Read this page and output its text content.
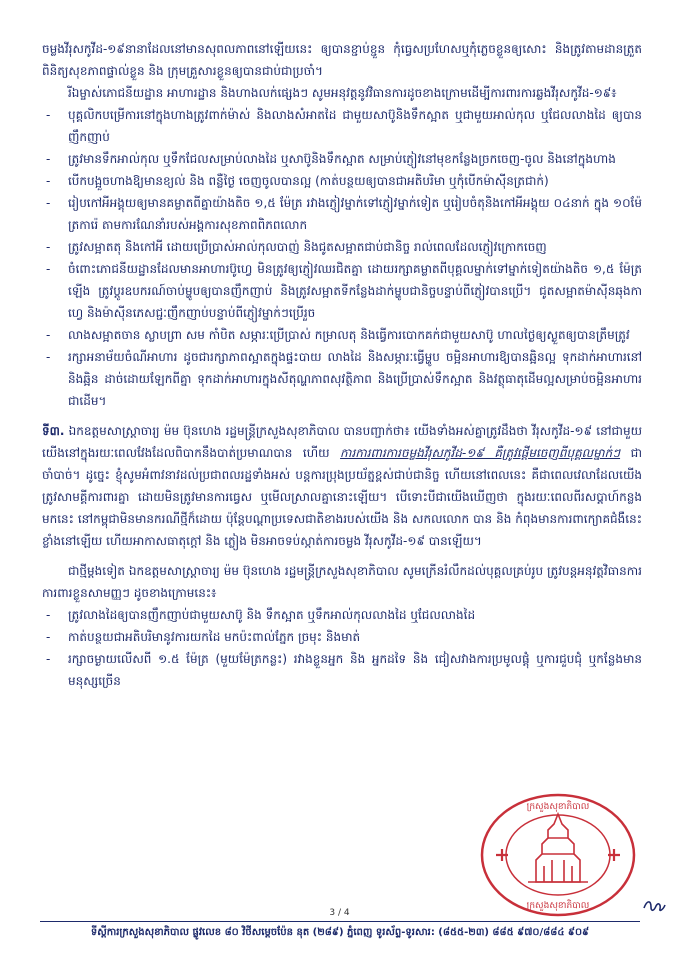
ចម្លងវីរុសកូវីដ-១៩នានាដែលនៅមានសុពលភាពនៅឡើយនេះ ឲ្យបានខ្ជាប់ខ្ជួន កុំធ្វេសប្រហែសឬកុំភ្លេចខ្លួនឲ្យសោះ និងត្រូវតាមដានត្រួតពិនិត្យសុខភាពផ្ទាល់ខ្លួន និង ក្រុមគ្រួសារខ្លួនឲ្យបានជាប់ជាប្រចាំ។

រីឯម្ចាស់ភោជនីយដ្ឋាន អាហារដ្ឋាន និងហាងលក់ផ្សេងៗ សូមអនុវត្តនូវវិធានការដូចខាងក្រោមដើម្បីការពារការឆ្លងវីរុសកូវីដ-១៩៖

- បុគ្គលិកបម្រើការនៅក្នុងហាងត្រូវពាក់ម៉ាស់ និងលាងសំអាតដៃ ជាមួយសាប៊ូនិងទឹកស្អាត ឬជាមួយអាល់កុល ឬជែលលាងដៃ ឲ្យបានញឹកញាប់
- ត្រូវមានទឹកអាល់កុល ឬទឹកជែលសម្រាប់លាងដៃ ឬសាប៊ូនិងទឹកស្អាត សម្រាប់ភ្ញៀវនៅមុខកន្លែងច្រកចេញ-ចូល និងនៅក្នុងហាង
- បើកបង្អួចហាងឱ្យមានខ្យល់ និង ពន្លឺថ្ងៃ ចេញចូលបានល្អ (កាត់បន្ថយឲ្យបានជាអតិបរិមា ឬកុំបើកម៉ាស៊ីនត្រជាក់)
- រៀបកៅអីអង្គុយឲ្យមានគម្លាតពីគ្នាយ៉ាងតិច ១,៥ ម៉ែត្រ រវាងភ្ញៀវម្នាក់ទៅភ្ញៀវម្នាក់ទៀត ឬរៀបចំតុនិងកៅអីអង្គុយ ០៤នាក់ ក្នុង ១០ម៉ែត្រការ៉េ តាមការណែនាំរបស់អង្គការសុខភាពពិភពលោក
- ត្រូវសម្អាតតុ និងកៅអី ដោយប្រើប្រាស់អាល់កុលបាញ់ និងជូតសម្អាតជាប់ជានិច្ច រាល់ពេលដែលភ្ញៀវក្រោកចេញ
- ចំពោះភោជនីយដ្ឋានដែលមានអាហារប៊ូហ្វេ មិនត្រូវឲ្យភ្ញៀវឈរជិតគ្នា ដោយរក្សាគម្លាតពីបុគ្គលម្នាក់ទៅម្នាក់ទៀតយ៉ាងតិច ១,៥ ម៉ែត្រឡើង ត្រូវប្តូរឧបករណ៍ចាប់ម្ហូបឲ្យបានញឹកញាប់ និងត្រូវសម្អាតទីកន្លែងដាក់ម្ហូបជានិច្ចបន្ទាប់ពីភ្ញៀវបានប្រើ។ ជូតសម្អាតម៉ាស៊ីនឆុងកាហ្វេ និងម៉ាស៊ីនភេសជ្ជៈញឹកញាប់បន្ទាប់ពីភ្ញៀវម្នាក់ៗប្រើរួច
- លាងសម្អាតចាន ស្លាបព្រា សម កាំបិត សម្ភារៈប្រើប្រាស់ កម្រាលតុ និងធ្វើការបោកគក់ជាមួយសាប៊ូ ហាលថ្ងៃឲ្យស្ងួតឲ្យបានត្រឹមត្រូវ
- រក្សាអនាម័យចំណីអាហារ ដូចជារក្សាភាពស្អាតក្នុងផ្ទះបាយ លាងដៃ និងសម្ភារៈធ្វើម្ហូប ចម្អិនអាហារឱ្យបានឆ្អិនល្អ ទុកដាក់អាហារនៅ និងឆ្អិន ដាច់ដោយឡែកពីគ្នា ទុកដាក់អាហារក្នុងសីតុណ្ហភាពសុវត្ថិភាព និងប្រើប្រាស់ទឹកស្អាត និងវត្ថុធាតុដើមល្អសម្រាប់ចម្អិនអាហារជាដើម។

ទី៣. ឯកឧត្តមសាស្ត្រាចារ្យ ម៉ម ប៊ុនហេង រដ្ឋមន្ត្រីក្រសួងសុខាភិបាល បានបញ្ជាក់ថា៖ យើងទាំងអស់គ្នាត្រូវដឹងថា វីរុសកូវីដ-១៩ នៅជាមួយយើងនៅក្នុងរយៈពេលវែងដែលពិបាកនឹងបាត់ប្រមាណបាន ហើយ ការការពារការចម្លងវីរុសកូវីដ-១៩ គឺត្រូវផ្តើមចេញពីបុគ្គលម្នាក់ៗ ជាចាំបាច់។ ដូច្នេះ ខ្ញុំសូមអំពាវនាវដល់ប្រជាពលរដ្ឋទាំងអស់ បន្តការប្រុងប្រយ័ត្នខ្ពស់ជាប់ជានិច្ច ហើយនៅពេលនេះ គឺជាពេលវេលាដែលយើងត្រូវសាមគ្គីការពារគ្នា ដោយមិនត្រូវមានការធ្វេស ឬមើលស្រាលគ្នានោះឡើយ។ បើទោះបីជាយើងឃើញថា ក្នុងរយៈពេលពីរសប្តាហ៍កន្លងមកនេះ នៅកម្ពុជាមិនមានករណីថ្មីក៏ដោយ ប៉ុន្តែបណ្តាប្រទេសជាតិខាងរបស់យើង និង សកលលោក បាន និង កំពុងមានការពាក្យោគជំងឺនេះខ្លាំងនៅឡើយ ហើយអាកាសធាតុក្តៅ និង ភ្លៀង មិនអាចទប់ស្កាត់ការចម្លង វីរុសកូវីដ-១៩ បានឡើយ។

ជាថ្មីម្តងទៀត ឯកឧត្តមសាស្ត្រាចារ្យ ម៉ម ប៊ុនហេង រដ្ឋមន្ត្រីក្រសួងសុខាភិបាល សូមក្រើនរំលឹកដល់បុគ្គលគ្រប់រូប ត្រូវបន្តអនុវត្តវិធានការការពារខ្លួនសាមញ្ញៗ ដូចខាងក្រោមនេះ៖

- ត្រូវលាងដៃឲ្យបានញឹកញាប់ជាមួយសាប៊ូ និង ទឹកស្អាត ឬទឹកអាល់កុលលាងដៃ ឬជែលលាងដៃ
- កាត់បន្ថយជាអតិបរិមានូវការយកដៃ មកប៉ះពាល់ភ្នែក ច្រមុះ និងមាត់
- រក្សាចម្ងាយលើសពី ១.៥ ម៉ែត្រ (មួយម៉ែត្រកន្លះ) រវាងខ្លួនអ្នក និង អ្នកដទៃ និង ជៀសវាងការប្រមូលផ្តុំ ឬការជួបជុំ ឬកន្លែងមានមនុស្សច្រើន
ក្រសួងសុខាភិបាល
ក្រសួងសុខាភិបាល
3 / 4
ទីស្តីការក្រសួងសុខាភិបាល ផ្លូវលេខ ៨០ វិថីសម្តេចប៉ែន នុត (២៨៩) ភ្នំពេញ ទូរស័ព្ទ-ទូរសារ: (៨៥៥-២៣) ៨៨៥ ៩៧០/៨៨៤ ៩០៩
